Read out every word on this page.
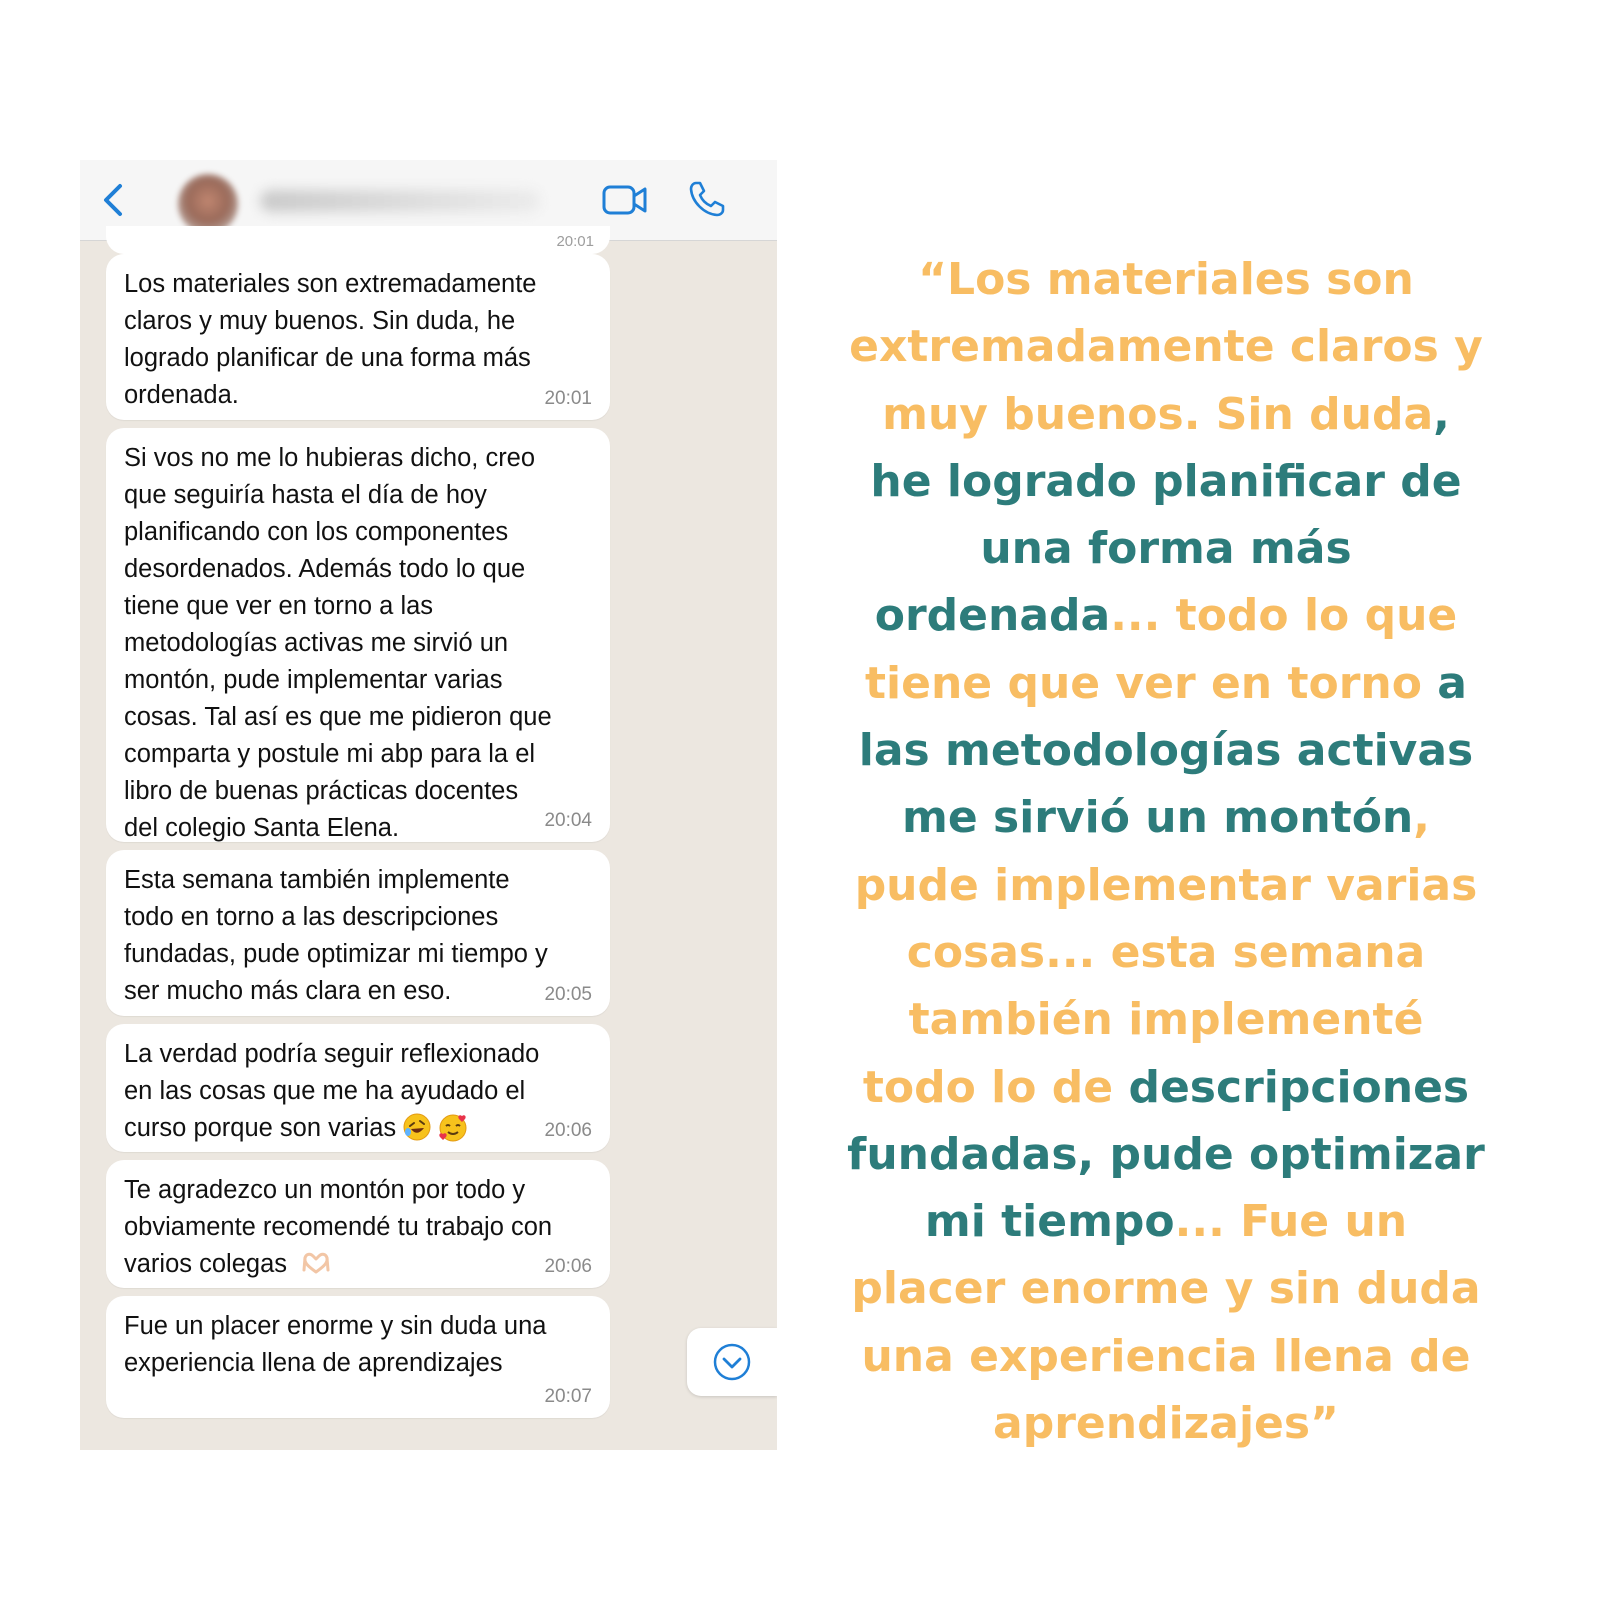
20:01

Los materiales son extremadamente
claros y muy buenos. Sin duda, he
logrado planificar de una forma más
ordenada.	20:01

Si vos no me lo hubieras dicho, creo
que seguiría hasta el día de hoy
planificando con los componentes
desordenados. Además todo lo que
tiene que ver en torno a las
metodologías activas me sirvió un
montón, pude implementar varias
cosas. Tal así es que me pidieron que
comparta y postule mi abp para la el
libro de buenas prácticas docentes
del colegio Santa Elena.	20:04

Esta semana también implemente
todo en torno a las descripciones
fundadas, pude optimizar mi tiempo y
ser mucho más clara en eso.	20:05

La verdad podría seguir reflexionado
en las cosas que me ha ayudado el
curso porque son varias	20:06

Te agradezco un montón por todo y
obviamente recomendé tu trabajo con
varios colegas	20:06

Fue un placer enorme y sin duda una
experiencia llena de aprendizajes

20:07
“Los materiales son extremadamente claros y muy buenos. Sin duda, he logrado planificar de una forma más ordenada... todo lo que tiene que ver en torno a las metodologías activas me sirvió un montón, pude implementar varias cosas... esta semana también implementé todo lo de descripciones fundadas, pude optimizar mi tiempo... Fue un placer enorme y sin duda una experiencia llena de aprendizajes”
